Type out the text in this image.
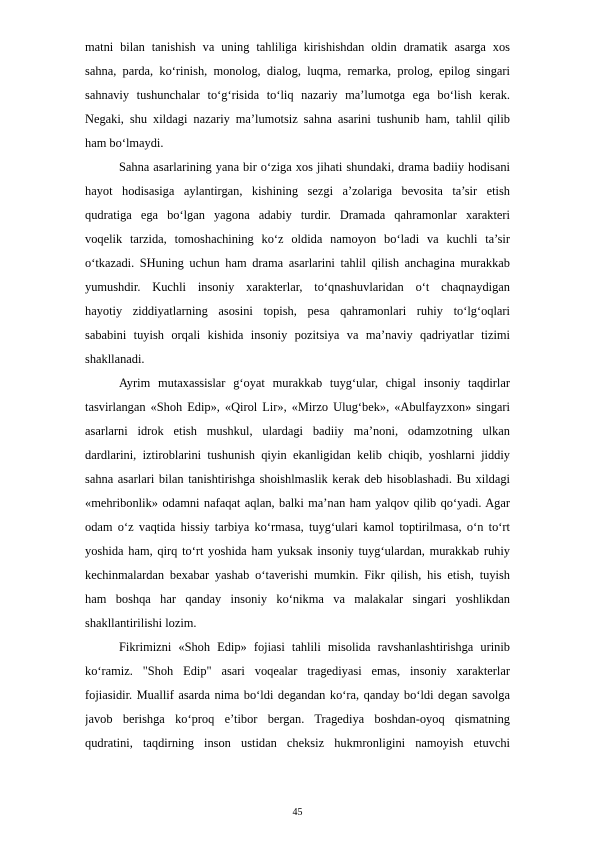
matni bilan tanishish va uning tahliliga kirishishdan oldin dramatik asarga xos
sahna, parda, ko‘rinish, monolog, dialog, luqma, remarka, prolog, epilog singari
sahnaviy tushunchalar to‘g‘risida to‘liq nazariy ma’lumotga ega bo‘lish kerak.
Negaki, shu xildagi nazariy ma’lumotsiz sahna asarini tushunib ham, tahlil qilib
ham bo‘lmaydi.
Sahna asarlarining yana bir o‘ziga xos jihati shundaki, drama badiiy hodisani
hayot hodisasiga aylantirgan, kishining sezgi a’zolariga bevosita ta’sir etish
qudratiga ega bo‘lgan yagona adabiy turdir. Dramada qahramonlar xarakteri
voqelik tarzida, tomoshachining ko‘z oldida namoyon bo‘ladi va kuchli ta’sir
o‘tkazadi. SHuning uchun ham drama asarlarini tahlil qilish anchagina murakkab
yumushdir. Kuchli insoniy xarakterlar, to‘qnashuvlaridan o‘t chaqnaydigan
hayotiy ziddiyatlarning asosini topish, pesa qahramonlari ruhiy to‘lg‘oqlari
sababini tuyish orqali kishida insoniy pozitsiya va ma’naviy qadriyatlar tizimi
shakllanadi.
Ayrim mutaxassislar g‘oyat murakkab tuyg‘ular, chigal insoniy taqdirlar
tasvirlangan «Shoh Edip», «Qirol Lir», «Mirzo Ulug‘bek», «Abulfayzxon» singari
asarlarni idrok etish mushkul, ulardagi badiiy ma’noni, odamzotning ulkan
dardlarini, iztiroblarini tushunish qiyin ekanligidan kelib chiqib, yoshlarni jiddiy
sahna asarlari bilan tanishtirishga shoishlmaslik kerak deb hisoblashadi. Bu xildagi
«mehribonlik» odamni nafaqat aqlan, balki ma’nan ham yalqov qilib qo‘yadi. Agar
odam o‘z vaqtida hissiy tarbiya ko‘rmasa, tuyg‘ulari kamol toptirilmasa, o‘n to‘rt
yoshida ham, qirq to‘rt yoshida ham yuksak insoniy tuyg‘ulardan, murakkab ruhiy
kechinmalardan bexabar yashab o‘taverishi mumkin. Fikr qilish, his etish, tuyish
ham boshqa har qanday insoniy ko‘nikma va malakalar singari yoshlikdan
shakllantirilishi lozim.
Fikrimizni «Shoh Edip» fojiasi tahlili misolida ravshanlashtirishga urinib
ko‘ramiz. "Shoh Edip" asari voqealar tragediyasi emas, insoniy xarakterlar
fojiasidir. Muallif asarda nima bo‘ldi degandan ko‘ra, qanday bo‘ldi degan savolga
javob berishga ko‘proq e’tibor bergan. Tragediya boshdan-oyoq qismatning
qudratini, taqdirning inson ustidan cheksiz hukmronligini namoyish etuvchi
45
